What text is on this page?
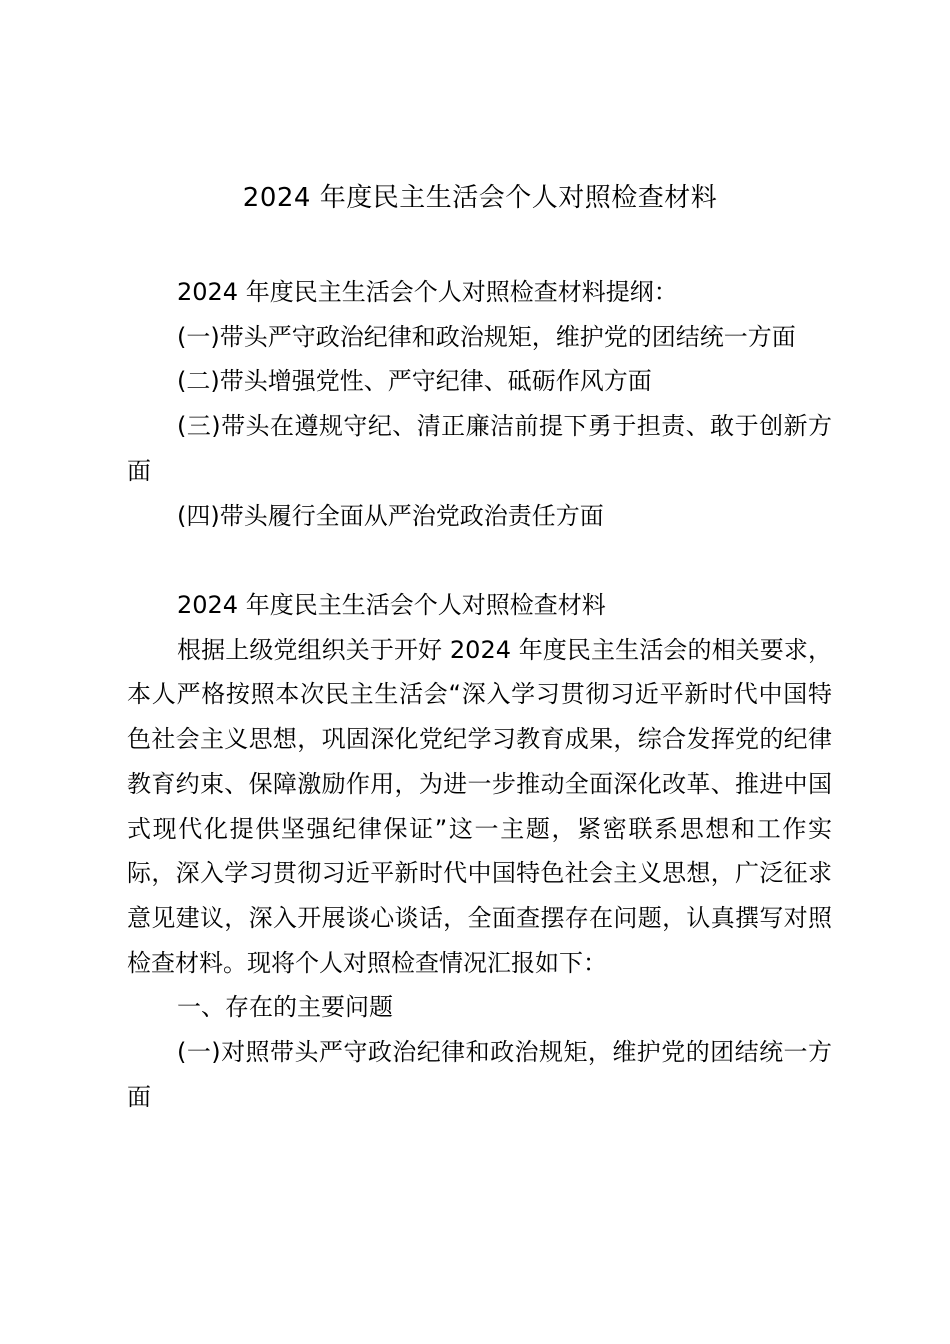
2024 年度民主生活会个人对照检查材料

2024 年度民主生活会个人对照检查材料提纲：

(一)带头严守政治纪律和政治规矩，维护党的团结统一方面

(二)带头增强党性、严守纪律、砥砺作风方面

(三)带头在遵规守纪、清正廉洁前提下勇于担责、敢于创新方面

(四)带头履行全面从严治党政治责任方面

2024 年度民主生活会个人对照检查材料

根据上级党组织关于开好 2024 年度民主生活会的相关要求，本人严格按照本次民主生活会“深入学习贯彻习近平新时代中国特色社会主义思想，巩固深化党纪学习教育成果，综合发挥党的纪律教育约束、保障激励作用，为进一步推动全面深化改革、推进中国式现代化提供坚强纪律保证”这一主题，紧密联系思想和工作实际，深入学习贯彻习近平新时代中国特色社会主义思想，广泛征求意见建议，深入开展谈心谈话，全面查摆存在问题，认真撰写对照检查材料。现将个人对照检查情况汇报如下：

一、存在的主要问题

(一)对照带头严守政治纪律和政治规矩，维护党的团结统一方面
